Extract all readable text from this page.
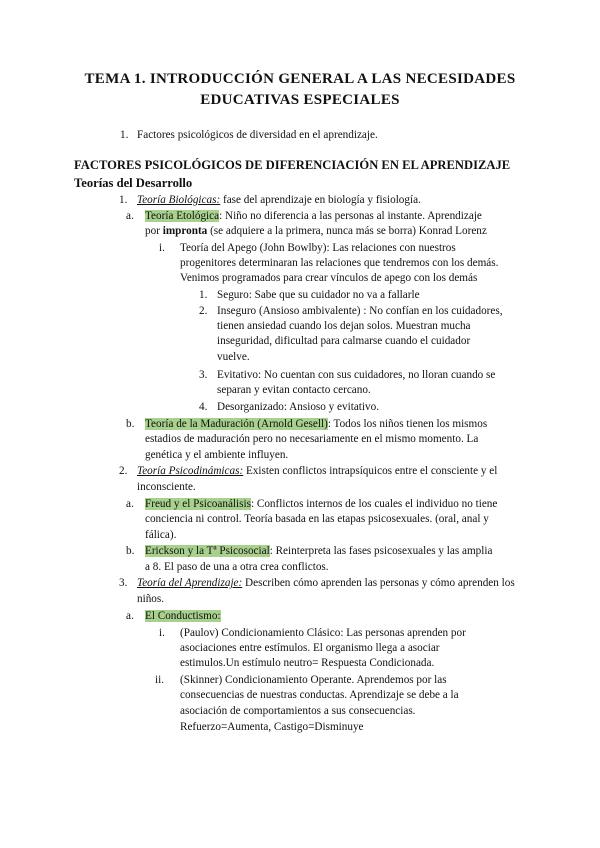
TEMA 1. INTRODUCCIÓN GENERAL A LAS NECESIDADES
EDUCATIVAS ESPECIALES
1. Factores psicológicos de diversidad en el aprendizaje.
FACTORES PSICOLÓGICOS DE DIFERENCIACIÓN EN EL APRENDIZAJE
Teorías del Desarrollo
1. Teoría Biológicas: fase del aprendizaje en biología y fisiología.
a. Teoría Etológica: Niño no diferencia a las personas al instante. Aprendizaje
por impronta (se adquiere a la primera, nunca más se borra) Konrad Lorenz
i. Teoría del Apego (John Bowlby): Las relaciones con nuestros
progenitores determinaran las relaciones que tendremos con los demás.
Venimos programados para crear vínculos de apego con los demás
1. Seguro: Sabe que su cuidador no va a fallarle
2. Inseguro (Ansioso ambivalente) : No confían en los cuidadores,
tienen ansiedad cuando los dejan solos. Muestran mucha
inseguridad, dificultad para calmarse cuando el cuidador
vuelve.
3. Evitativo: No cuentan con sus cuidadores, no lloran cuando se
separan y evitan contacto cercano.
4. Desorganizado: Ansioso y evitativo.
b. Teoría de la Maduración (Arnold Gesell): Todos los niños tienen los mismos
estadios de maduración pero no necesariamente en el mismo momento. La
genética y el ambiente influyen.
2. Teoría Psicodinámicas: Existen conflictos intrapsíquicos entre el consciente y el
inconsciente.
a. Freud y el Psicoanálisis: Conflictos internos de los cuales el individuo no tiene
conciencia ni control. Teoría basada en las etapas psicosexuales. (oral, anal y
fálica).
b. Erickson y la Tª Psicosocial: Reinterpreta las fases psicosexuales y las amplia
a 8. El paso de una a otra crea conflictos.
3. Teoría del Aprendizaje: Describen cómo aprenden las personas y cómo aprenden los
niños.
a. El Conductismo:
i. (Paulov) Condicionamiento Clásico: Las personas aprenden por
asociaciones entre estímulos. El organismo llega a asociar
estimulos.Un estímulo neutro= Respuesta Condicionada.
ii. (Skinner) Condicionamiento Operante. Aprendemos por las
consecuencias de nuestras conductas. Aprendizaje se debe a la
asociación de comportamientos a sus consecuencias.
Refuerzo=Aumenta, Castigo=Disminuye
